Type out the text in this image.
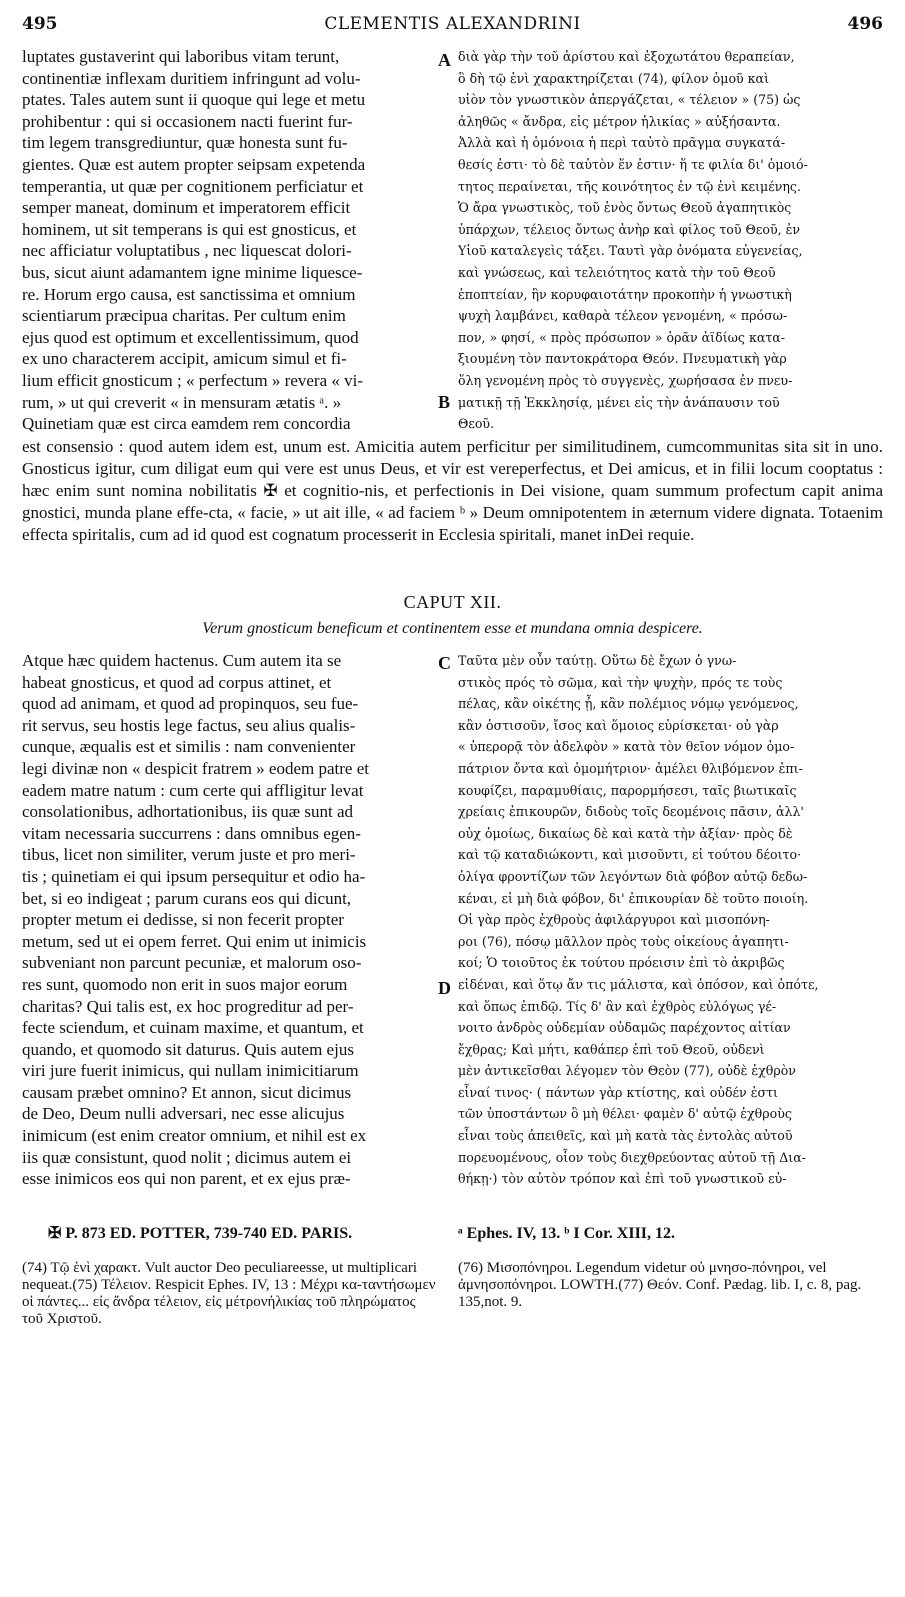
495	CLEMENTIS ALEXANDRINI	496
luptates gustaverint qui laboribus vitam terunt,
continentiæ inflexam duritiem infringunt ad volu-
ptates. Tales autem sunt ii quoque qui lege et metu
prohibentur : qui si occasionem nacti fuerint fur-
tim legem transgrediuntur, quæ honesta sunt fu-
gientes. Quæ est autem propter seipsam expetenda
temperantia, ut quæ per cognitionem perficiatur et
semper maneat, dominum et imperatorem efficit
hominem, ut sit temperans is qui est gnosticus, et
nec afficiatur voluptatibus , nec liquescat dolori-
bus, sicut aiunt adamantem igne minime liquesce-
re. Horum ergo causa, est sanctissima et omnium
scientiarum præcipua charitas. Per cultum enim
ejus quod est optimum et excellentissimum, quod
ex uno characterem accipit, amicum simul et fi-
lium efficit gnosticum ; « perfectum » revera « vi-
rum, » ut qui creverit « in mensuram ætatis ᵃ. »
Quinetiam quæ est circa eamdem rem concordia
A
B
διὰ γὰρ τὴν τοῦ ἀρίστου καὶ ἐξοχωτάτου θεραπείαν,
ὃ δὴ τῷ ἑνὶ χαρακτηρίζεται (74), φίλον ὁμοῦ καὶ
υἱὸν τὸν γνωστικὸν ἀπεργάζεται, « τέλειον » (75) ὡς
ἀληθῶς « ἄνδρα, εἰς μέτρον ἡλικίας » αὐξήσαντα.
Ἀλλὰ καὶ ἡ ὁμόνοια ἡ περὶ ταὐτὸ πρᾶγμα συγκατά-
θεσίς ἐστι· τὸ δὲ ταὐτὸν ἕν ἐστιν· ἥ τε φιλία δι' ὁμοιό-
τητος περαίνεται, τῆς κοινότητος ἐν τῷ ἑνὶ κειμένης.
Ὁ ἄρα γνωστικὸς, τοῦ ἑνὸς ὄντως Θεοῦ ἀγαπητικὸς
ὑπάρχων, τέλειος ὄντως ἀνὴρ καὶ φίλος τοῦ Θεοῦ, ἐν
Υἱοῦ καταλεγεὶς τάξει. Ταυτὶ γὰρ ὀνόματα εὐγενείας,
καὶ γνώσεως, καὶ τελειότητος κατὰ τὴν τοῦ Θεοῦ
ἐποπτείαν, ἣν κορυφαιοτάτην προκοπὴν ἡ γνωστικὴ
ψυχὴ λαμβάνει, καθαρὰ τέλεον γενομένη, « πρόσω-
πον, » φησί, « πρὸς πρόσωπον » ὁρᾶν ἀϊδίως κατα-
ξιουμένη τὸν παντοκράτορα Θεόν. Πνευματικὴ γὰρ
ὅλη γενομένη πρὸς τὸ συγγενὲς, χωρήσασα ἐν πνευ-
ματικῇ τῇ Ἐκκλησίᾳ, μένει εἰς τὴν ἀνάπαυσιν τοῦ
Θεοῦ.
est consensio : quod autem idem est, unum est. Amicitia autem perficitur per similitudinem, cumcommunitas sita sit in uno. Gnosticus igitur, cum diligat eum qui vere est unus Deus, et vir est vereperfectus, et Dei amicus, et in filii locum cooptatus : hæc enim sunt nomina nobilitatis ✠ et cognitio-nis, et perfectionis in Dei visione, quam summum profectum capit anima gnostici, munda plane effe-cta, « facie, » ut ait ille, « ad faciem ᵇ » Deum omnipotentem in æternum videre dignata. Totaenim effecta spiritalis, cum ad id quod est cognatum processerit in Ecclesia spiritali, manet inDei requie.
CAPUT XII.
Verum gnosticum beneficum et continentem esse et mundana omnia despicere.
Atque hæc quidem hactenus. Cum autem ita se
habeat gnosticus, et quod ad corpus attinet, et
quod ad animam, et quod ad propinquos, seu fue-
rit servus, seu hostis lege factus, seu alius qualis-
cunque, æqualis est et similis : nam convenienter
legi divinæ non « despicit fratrem » eodem patre et
eadem matre natum : cum certe qui affligitur levat
consolationibus, adhortationibus, iis quæ sunt ad
vitam necessaria succurrens : dans omnibus egen-
tibus, licet non similiter, verum juste et pro meri-
tis ; quinetiam ei qui ipsum persequitur et odio ha-
bet, si eo indigeat ; parum curans eos qui dicunt,
propter metum ei dedisse, si non fecerit propter
metum, sed ut ei opem ferret. Qui enim ut inimicis
subveniant non parcunt pecuniæ, et malorum oso-
res sunt, quomodo non erit in suos major eorum
charitas? Qui talis est, ex hoc progreditur ad per-
fecte sciendum, et cuinam maxime, et quantum, et
quando, et quomodo sit daturus. Quis autem ejus
viri jure fuerit inimicus, qui nullam inimicitiarum
causam præbet omnino? Et annon, sicut dicimus
de Deo, Deum nulli adversari, nec esse alicujus
inimicum (est enim creator omnium, et nihil est ex
iis quæ consistunt, quod nolit ; dicimus autem ei
esse inimicos eos qui non parent, et ex ejus præ-
C
D
Ταῦτα μὲν οὖν ταύτῃ. Οὕτω δὲ ἔχων ὁ γνω-
στικὸς πρός τὸ σῶμα, καὶ τὴν ψυχὴν, πρός τε τοὺς
πέλας, κἂν οἰκέτης ᾖ, κἂν πολέμιος νόμῳ γενόμενος,
κἂν ὁστισοῦν, ἴσος καὶ ὅμοιος εὑρίσκεται· οὐ γὰρ
« ὑπερορᾷ τὸν ἀδελφὸν » κατὰ τὸν θεῖον νόμον ὁμο-
πάτριον ὄντα καὶ ὁμομήτριον· ἀμέλει θλιβόμενον ἐπι-
κουφίζει, παραμυθίαις, παρορμήσεσι, ταῖς βιωτικαῖς
χρείαις ἐπικουρῶν, διδοὺς τοῖς δεομένοις πᾶσιν, ἀλλ'
οὐχ ὁμοίως, δικαίως δὲ καὶ κατὰ τὴν ἀξίαν· πρὸς δὲ
καὶ τῷ καταδιώκοντι, καὶ μισοῦντι, εἰ τούτου δέοιτο·
ὀλίγα φροντίζων τῶν λεγόντων διὰ φόβον αὐτῷ δεδω-
κέναι, εἰ μὴ διὰ φόβον, δι' ἐπικουρίαν δὲ τοῦτο ποιοίη.
Οἱ γὰρ πρὸς ἐχθροὺς ἀφιλάργυροι καὶ μισοπόνη-
ροι (76), πόσῳ μᾶλλον πρὸς τοὺς οἰκείους ἀγαπητι-
κοί; Ὁ τοιοῦτος ἐκ τούτου πρόεισιν ἐπὶ τὸ ἀκριβῶς
εἰδέναι, καὶ ὅτῳ ἄν τις μάλιστα, καὶ ὁπόσον, καὶ ὁπότε,
καὶ ὅπως ἐπιδῷ. Τίς δ' ἂν καὶ ἐχθρὸς εὐλόγως γέ-
νοιτο ἀνδρὸς οὐδεμίαν οὐδαμῶς παρέχοντος αἰτίαν
ἔχθρας; Καὶ μήτι, καθάπερ ἐπὶ τοῦ Θεοῦ, οὐδενὶ
μὲν ἀντικεῖσθαι λέγομεν τὸν Θεὸν (77), οὐδὲ ἐχθρὸν
εἶναί τινος· ( πάντων γὰρ κτίστης, καὶ οὐδέν ἐστι
τῶν ὑποστάντων ὃ μὴ θέλει· φαμὲν δ' αὐτῷ ἐχθροὺς
εἶναι τοὺς ἀπειθεῖς, καὶ μὴ κατὰ τὰς ἐντολὰς αὐτοῦ
πορευομένους, οἷον τοὺς διεχθρεύοντας αὐτοῦ τῇ Δια-
θήκῃ·) τὸν αὐτὸν τρόπον καὶ ἐπὶ τοῦ γνωστικοῦ εὐ-
✠ P. 873 ED. POTTER, 739-740 ED. PARIS.	ᵃ Ephes. IV, 13. ᵇ I Cor. XIII, 12.
(74) Τῷ ἑνὶ χαρακτ. Vult auctor Deo peculiareesse, ut multiplicari nequeat.(75) Τέλειον. Respicit Ephes. IV, 13 : Μέχρι κα-ταντήσωμεν οἱ πάντες... εἰς ἄνδρα τέλειον, εἰς μέτρονἡλικίας τοῦ πληρώματος τοῦ Χριστοῦ.
(76) Μισοπόνηροι. Legendum videtur οὐ μνησο-πόνηροι, vel ἀμνησοπόνηροι. LOWTH.(77) Θεόν. Conf. Pædag. lib. I, c. 8, pag. 135,not. 9.
